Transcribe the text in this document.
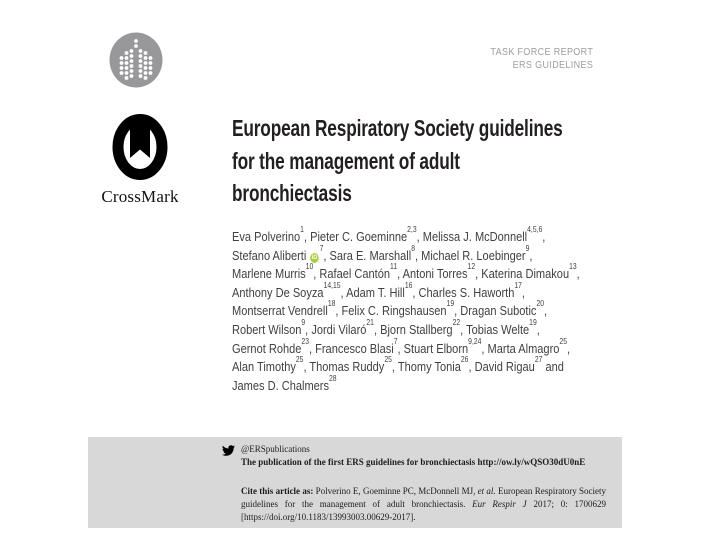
TASK FORCE REPORT
ERS GUIDELINES
CrossMark
European Respiratory Society guidelines
for the management of adult
bronchiectasis
Eva Polverino$^1$, Pieter C. Goeminne$^{2,3}$, Melissa J. McDonnell$^{4,5,6}$,
Stefano Aliberti $iD^7$, Sara E. Marshall$^8$, Michael R. Loebinger$^9$,
Marlene Murris$^{10}$, Rafael Cantón$^{11}$, Antoni Torres$^{12}$, Katerina Dimakou$^{13}$,
Anthony De Soyza$^{14,15}$, Adam T. Hill$^{16}$, Charles S. Haworth$^{17}$,
Montserrat Vendrell$^{18}$, Felix C. Ringshausen$^{19}$, Dragan Subotic$^{20}$,
Robert Wilson$^9$, Jordi Vilaró$^{21}$, Bjorn Stallberg$^{22}$, Tobias Welte$^{19}$,
Gernot Rohde$^{23}$, Francesco Blasi$^7$, Stuart Elborn$^{9,24}$, Marta Almagro$^{25}$,
Alan Timothy$^{25}$, Thomas Ruddy$^{25}$, Thomy Tonia$^{26}$, David Rigau$^{27}$ and
James D. Chalmers$^{28}$
@ERSpublications
The publication of the first ERS guidelines for bronchiectasis http://ow.ly/wQSO30dU0nE

Cite this article as: Polverino E, Goeminne PC, McDonnell MJ, et al. European Respiratory Society guidelines for the management of adult bronchiectasis. Eur Respir J 2017; 0: 1700629 [https://doi.org/10.1183/13993003.00629-2017].
